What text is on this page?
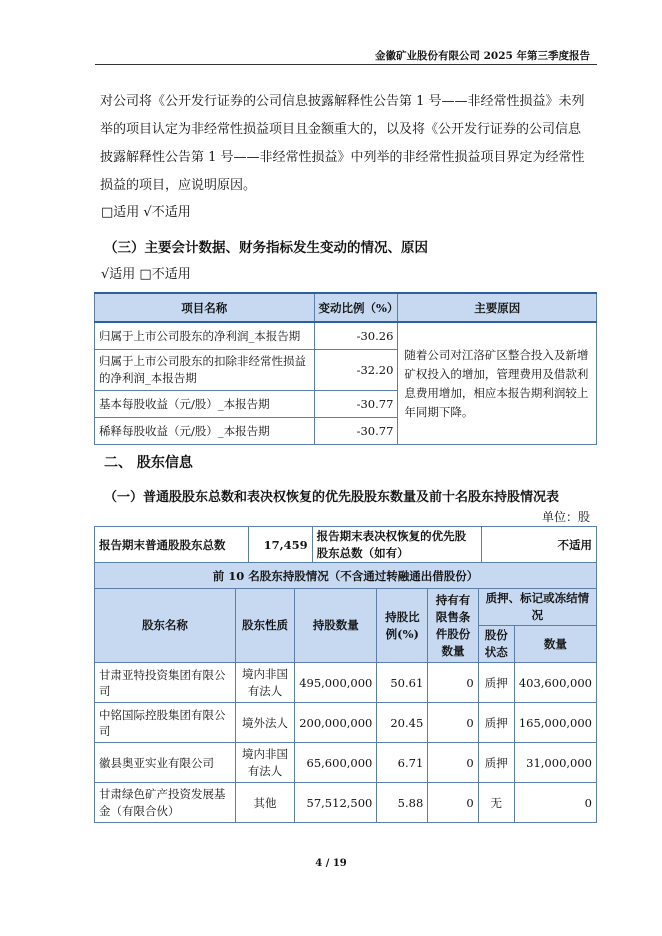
金徽矿业股份有限公司 2025 年第三季度报告

对公司将《公开发行证券的公司信息披露解释性公告第 1 号——非经常性损益》未列

举的项目认定为非经常性损益项目且金额重大的，以及将《公开发行证券的公司信息

披露解释性公告第 1 号——非经常性损益》中列举的非经常性损益项目界定为经常性

损益的项目，应说明原因。

□适用 √不适用
（三）主要会计数据、财务指标发生变动的情况、原因
√适用 □不适用
项目名称	变动比例（%）	主要原因
归属于上市公司股东的净利润_本报告期	-30.26	随着公司对江洛矿区整合投入及新增矿权投入的增加，管理费用及借款利息费用增加，相应本报告期利润较上年同期下降。
归属于上市公司股东的扣除非经常性损益的净利润_本报告期	-32.20	
基本每股收益（元/股）_本报告期	-30.77	
稀释每股收益（元/股）_本报告期	-30.77	
二、 股东信息
（一）普通股股东总数和表决权恢复的优先股股东数量及前十名股东持股情况表
单位：股
报告期末普通股股东总数	17,459	报告期末表决权恢复的优先股股东总数（如有）	不适用
前 10 名股东持股情况（不含通过转融通出借股份）						
股东名称	股东性质	持股数量	持股比例(%)	持有有限售条件股份数量	质押、标记或冻结情况	
					股份状态	数量
甘肃亚特投资集团有限公司	境内非国有法人	495,000,000	50.61	0	质押	403,600,000
中铭国际控股集团有限公司	境外法人	200,000,000	20.45	0	质押	165,000,000
徽县奥亚实业有限公司	境内非国有法人	65,600,000	6.71	0	质押	31,000,000
甘肃绿色矿产投资发展基金（有限合伙）	其他	57,512,500	5.88	0	无	0
4 / 19
